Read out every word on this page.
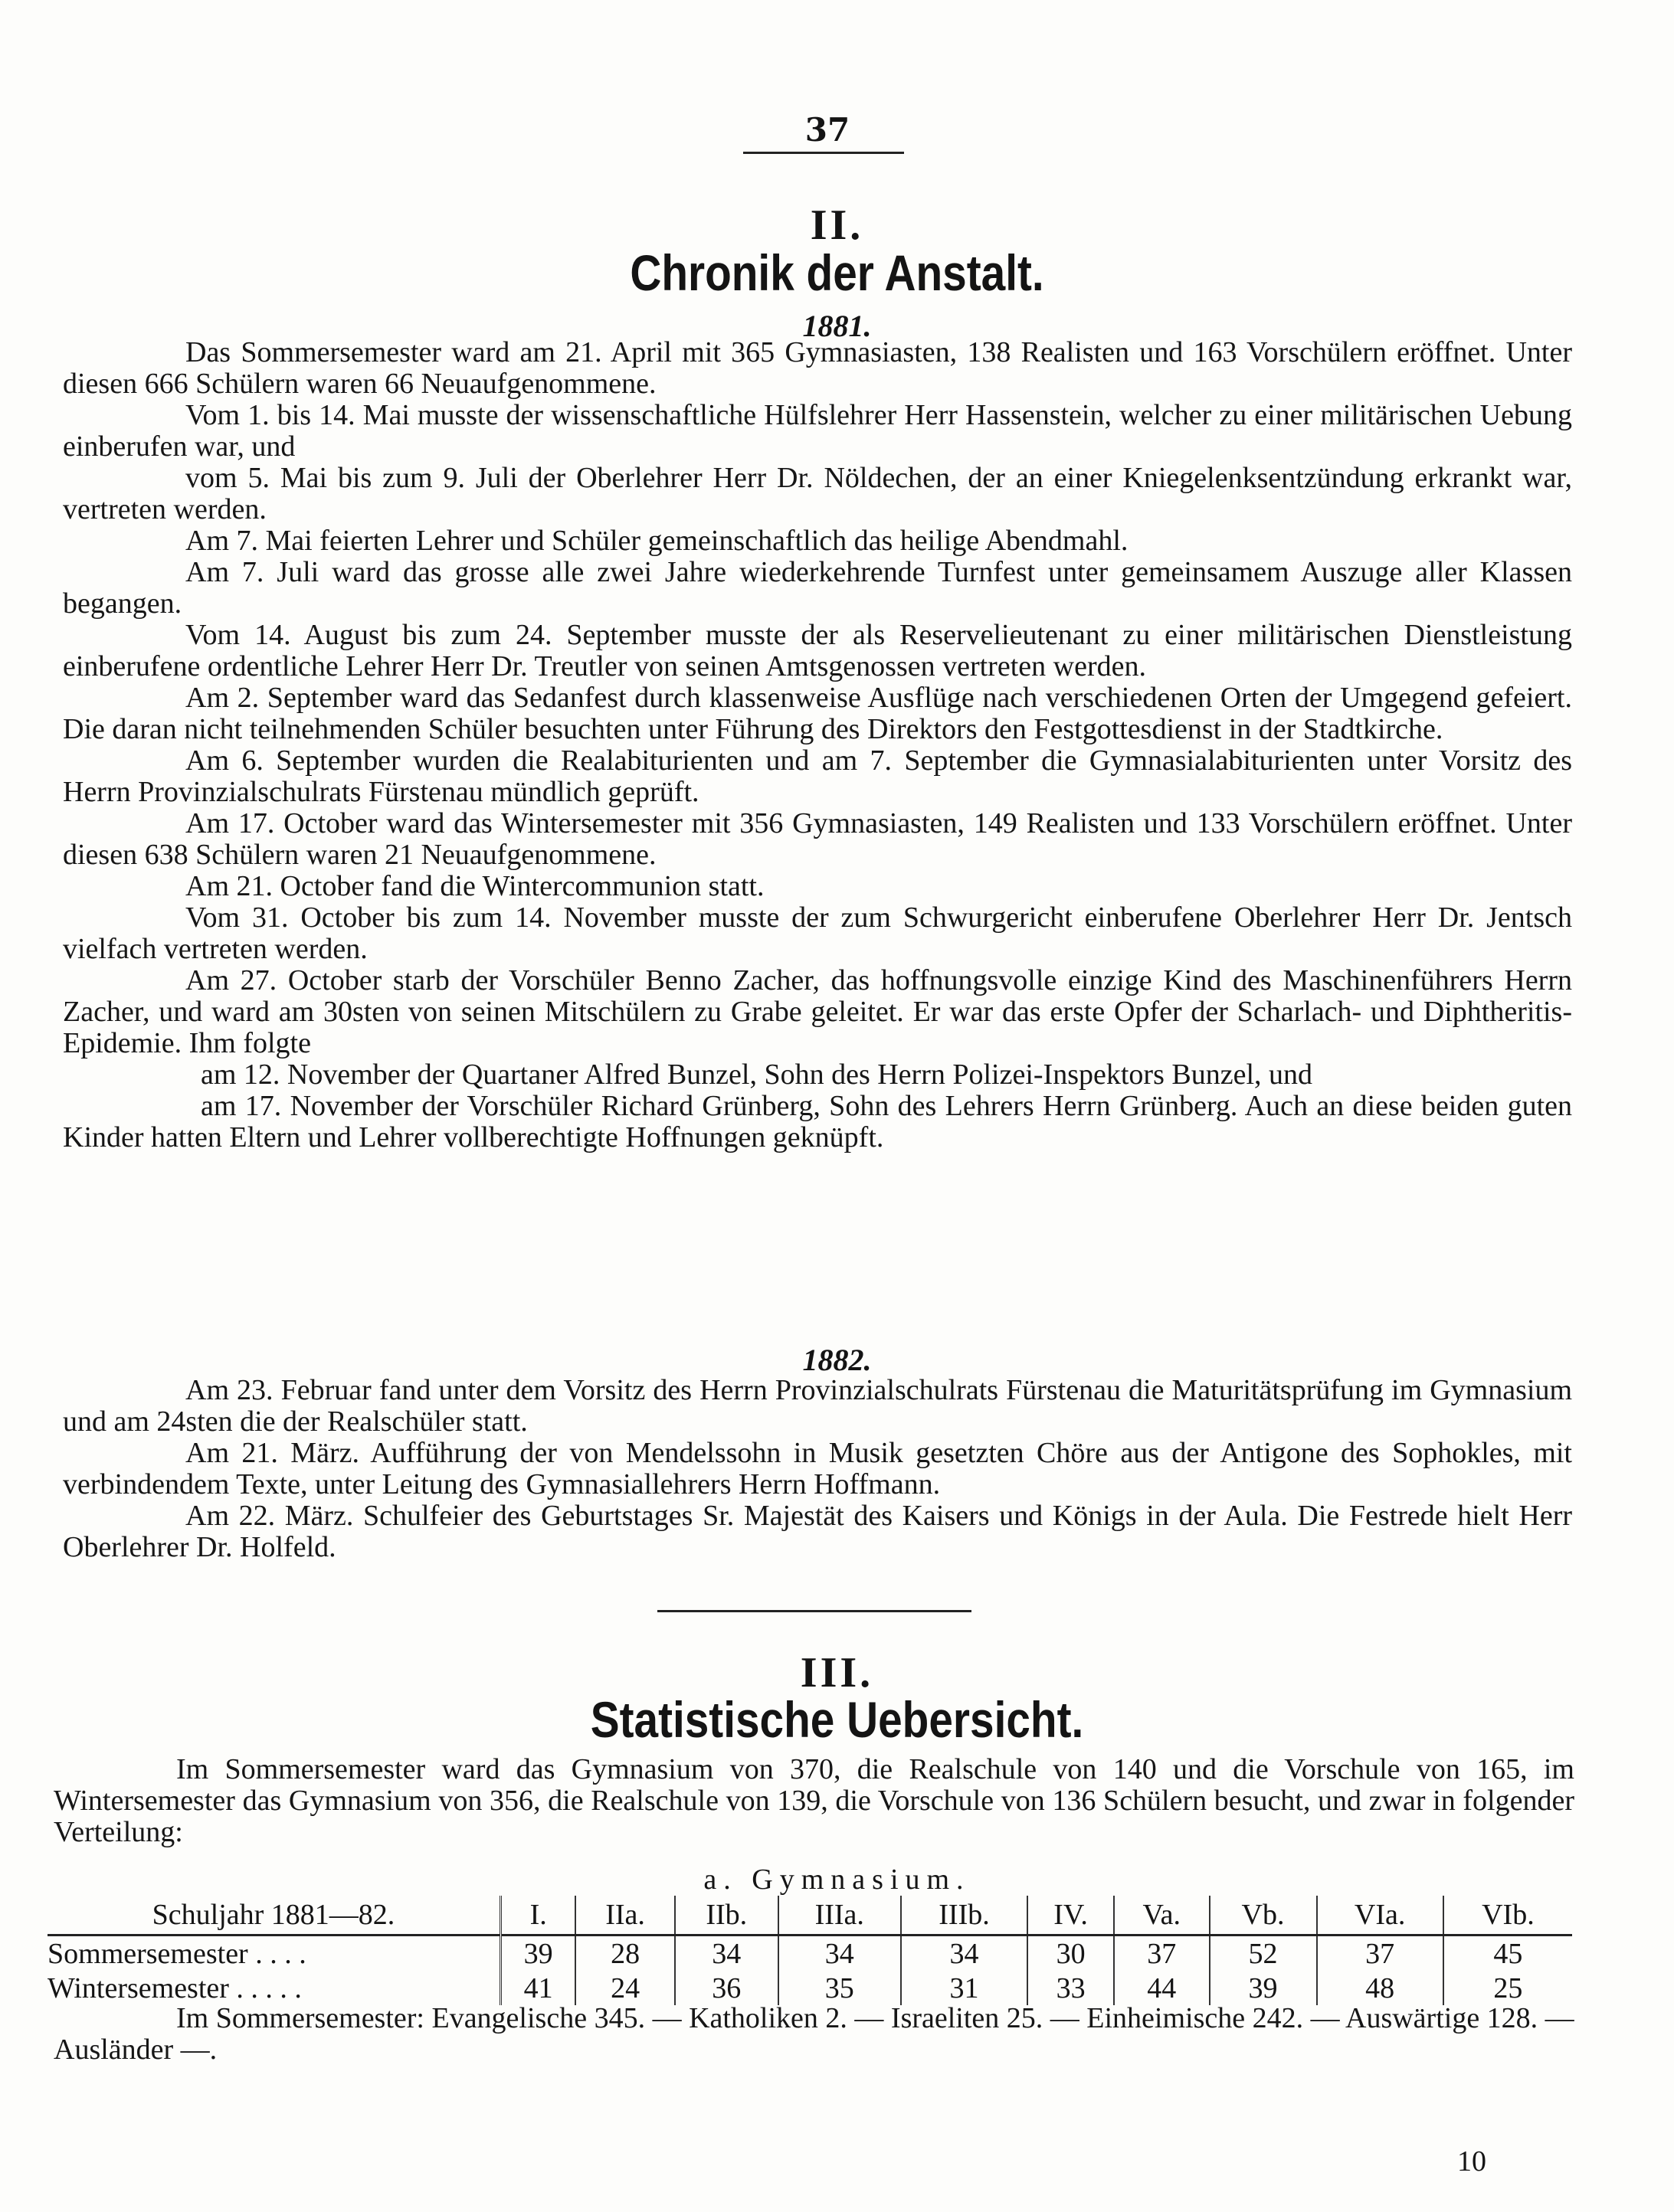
37
II.
Chronik der Anstalt.
1881.

Das Sommersemester ward am 21. April mit 365 Gymnasiasten, 138 Realisten und 163 Vorschülern eröffnet. Unter diesen 666 Schülern waren 66 Neuaufgenommene.

Vom 1. bis 14. Mai musste der wissenschaftliche Hülfslehrer Herr Hassenstein, welcher zu einer militärischen Uebung einberufen war, und

vom 5. Mai bis zum 9. Juli der Oberlehrer Herr Dr. Nöldechen, der an einer Kniegelenksentzündung erkrankt war, vertreten werden.

Am 7. Mai feierten Lehrer und Schüler gemeinschaftlich das heilige Abendmahl.

Am 7. Juli ward das grosse alle zwei Jahre wiederkehrende Turnfest unter gemeinsamem Auszuge aller Klassen begangen.

Vom 14. August bis zum 24. September musste der als Reservelieutenant zu einer militärischen Dienstleistung einberufene ordentliche Lehrer Herr Dr. Treutler von seinen Amtsgenossen vertreten werden.

Am 2. September ward das Sedanfest durch klassenweise Ausflüge nach verschiedenen Orten der Umgegend gefeiert. Die daran nicht teilnehmenden Schüler besuchten unter Führung des Direktors den Festgottesdienst in der Stadtkirche.

Am 6. September wurden die Realabiturienten und am 7. September die Gymnasialabiturienten unter Vorsitz des Herrn Provinzialschulrats Fürstenau mündlich geprüft.

Am 17. October ward das Wintersemester mit 356 Gymnasiasten, 149 Realisten und 133 Vorschülern eröffnet. Unter diesen 638 Schülern waren 21 Neuaufgenommene.

Am 21. October fand die Wintercommunion statt.

Vom 31. October bis zum 14. November musste der zum Schwurgericht einberufene Oberlehrer Herr Dr. Jentsch vielfach vertreten werden.

Am 27. October starb der Vorschüler Benno Zacher, das hoffnungsvolle einzige Kind des Maschinenführers Herrn Zacher, und ward am 30sten von seinen Mitschülern zu Grabe geleitet. Er war das erste Opfer der Scharlach- und Diphtheritis-Epidemie. Ihm folgte

am 12. November der Quartaner Alfred Bunzel, Sohn des Herrn Polizei-Inspektors Bunzel, und

am 17. November der Vorschüler Richard Grünberg, Sohn des Lehrers Herrn Grünberg. Auch an diese beiden guten Kinder hatten Eltern und Lehrer vollberechtigte Hoffnungen geknüpft.

1882.

Am 23. Februar fand unter dem Vorsitz des Herrn Provinzialschulrats Fürstenau die Maturitätsprüfung im Gymnasium und am 24sten die der Realschüler statt.

Am 21. März. Aufführung der von Mendelssohn in Musik gesetzten Chöre aus der Antigone des Sophokles, mit verbindendem Texte, unter Leitung des Gymnasiallehrers Herrn Hoffmann.

Am 22. März. Schulfeier des Geburtstages Sr. Majestät des Kaisers und Königs in der Aula. Die Festrede hielt Herr Oberlehrer Dr. Holfeld.

III.
Statistische Uebersicht.

Im Sommersemester ward das Gymnasium von 370, die Realschule von 140 und die Vorschule von 165, im Wintersemester das Gymnasium von 356, die Realschule von 139, die Vorschule von 136 Schülern besucht, und zwar in folgender Verteilung:

a. Gymnasium.
Schuljahr 1881—82.	I.	IIa.	IIb.	IIIa.	IIIb.	IV.	Va.	Vb.	VIa.	VIb.
Sommersemester . . . .	39	28	34	34	34	30	37	52	37	45
Wintersemester . . . . .	41	24	36	35	31	33	44	39	48	25

Im Sommersemester: Evangelische 345. — Katholiken 2. — Israeliten 25. — Einheimische 242. — Auswärtige 128. — Ausländer —.

10
